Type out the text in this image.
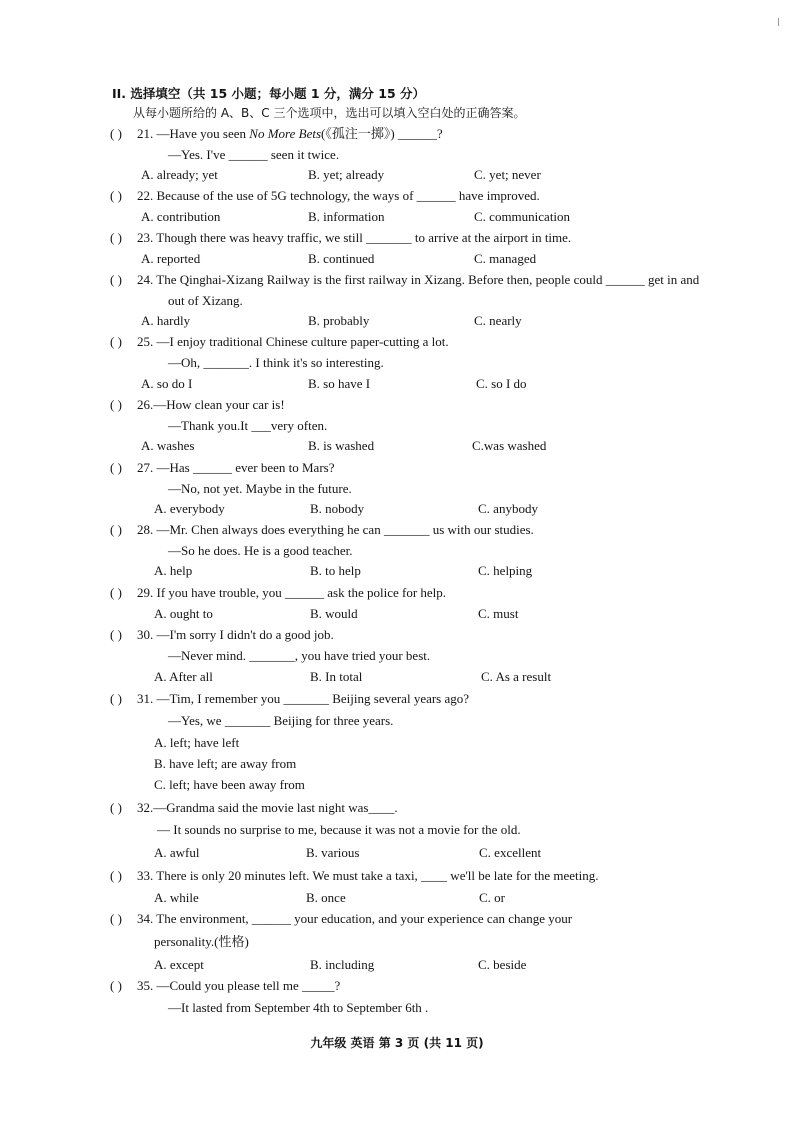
II. 选择填空（共 15 小题；每小题 1 分，满分 15 分）
从每小题所给的 A、B、C 三个选项中，选出可以填入空白处的正确答案。
( ) 21. —Have you seen No More Bets(《孤注一掷》) ______?
—Yes. I've ______ seen it twice.
A. already; yet	B. yet; already	C. yet; never
( ) 22. Because of the use of 5G technology, the ways of ______ have improved.
A. contribution	B. information	C. communication
( ) 23. Though there was heavy traffic, we still _______ to arrive at the airport in time.
A. reported	B. continued	C. managed
( ) 24. The Qinghai-Xizang Railway is the first railway in Xizang. Before then, people could ______ get in and
out of Xizang.
A. hardly	B. probably	C. nearly
( ) 25. —I enjoy traditional Chinese culture paper-cutting a lot.
—Oh, _______. I think it's so interesting.
A. so do I	B. so have I	C. so I do
( ) 26.—How clean your car is!
—Thank you.It ___very often.
A. washes	B. is washed	C.was washed
( ) 27. —Has ______ ever been to Mars?
—No, not yet. Maybe in the future.
A. everybody	B. nobody	C. anybody
( ) 28. —Mr. Chen always does everything he can _______ us with our studies.
—So he does. He is a good teacher.
A. help	B. to help	C. helping
( ) 29. If you have trouble, you ______ ask the police for help.
A. ought to	B. would	C. must
( ) 30. —I'm sorry I didn't do a good job.
—Never mind. _______, you have tried your best.
A. After all	B. In total	C. As a result
( ) 31. —Tim, I remember you _______ Beijing several years ago?
—Yes, we _______ Beijing for three years.
A. left; have left
B. have left; are away from
C. left; have been away from
( ) 32.—Grandma said the movie last night was____.
— It sounds no surprise to me, because it was not a movie for the old.
A. awful	B. various	C. excellent
( ) 33. There is only 20 minutes left. We must take a taxi, ____ we'll be late for the meeting.
A. while	B. once	C. or
( ) 34. The environment, ______ your education, and your experience can change your
personality.(性格)
A. except	B. including	C. beside
( ) 35. —Could you please tell me _____?
—It lasted from September 4th to September 6th .
九年级 英语 第 3 页 (共 11 页)
